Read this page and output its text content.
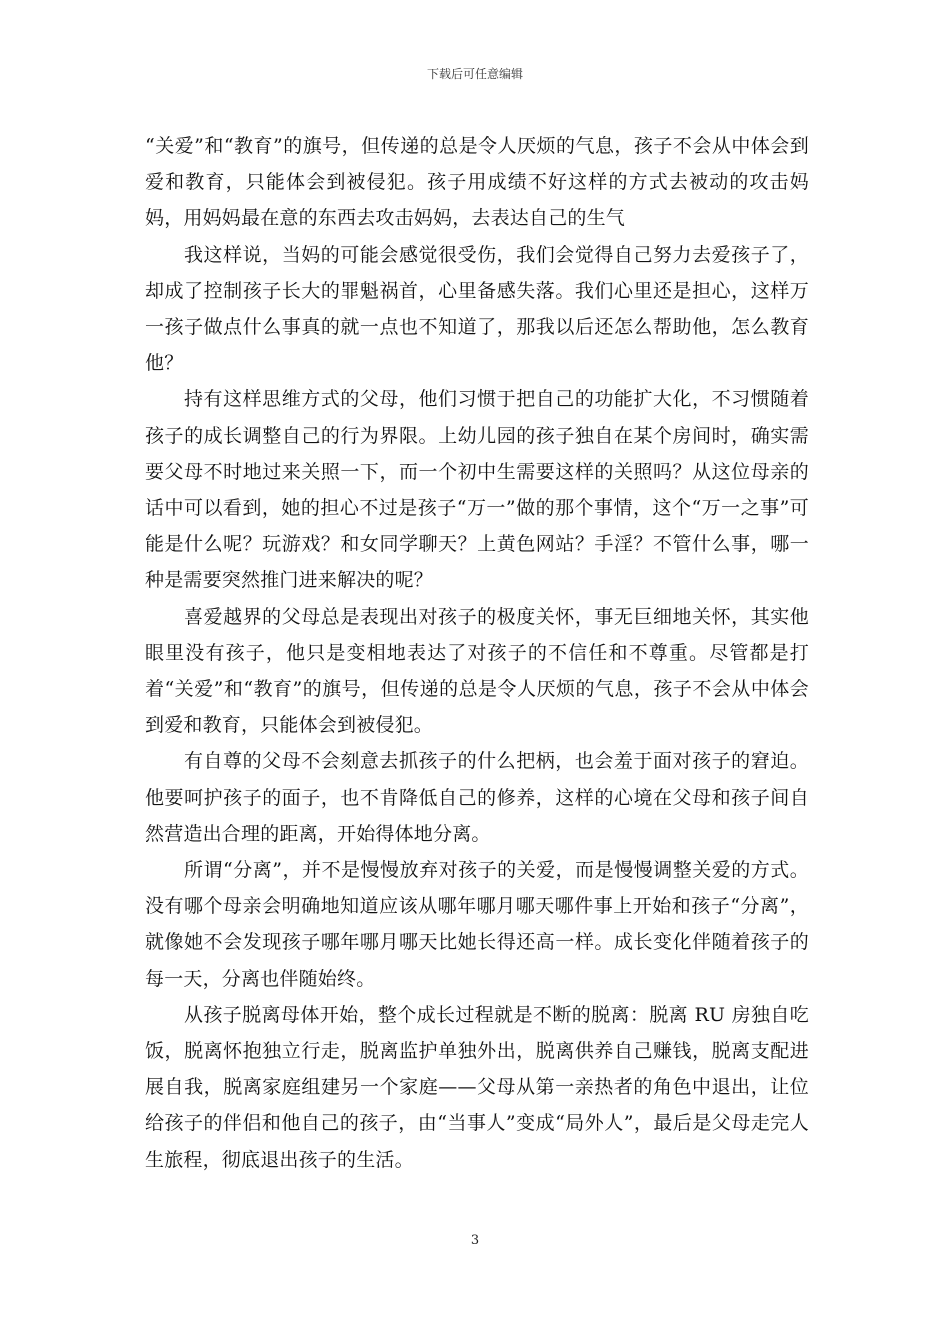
下载后可任意编辑

“关爱”和“教育”的旗号，但传递的总是令人厌烦的气息，孩子不会从中体会到爱和教育，只能体会到被侵犯。孩子用成绩不好这样的方式去被动的攻击妈妈，用妈妈最在意的东西去攻击妈妈，去表达自己的生气

我这样说，当妈的可能会感觉很受伤，我们会觉得自己努力去爱孩子了，却成了控制孩子长大的罪魁祸首，心里备感失落。我们心里还是担心，这样万一孩子做点什么事真的就一点也不知道了，那我以后还怎么帮助他，怎么教育他？

持有这样思维方式的父母，他们习惯于把自己的功能扩大化，不习惯随着孩子的成长调整自己的行为界限。上幼儿园的孩子独自在某个房间时，确实需要父母不时地过来关照一下，而一个初中生需要这样的关照吗？从这位母亲的话中可以看到，她的担心不过是孩子“万一”做的那个事情，这个“万一之事”可能是什么呢？玩游戏？和女同学聊天？上黄色网站？手淫？不管什么事，哪一种是需要突然推门进来解决的呢？

喜爱越界的父母总是表现出对孩子的极度关怀，事无巨细地关怀，其实他眼里没有孩子，他只是变相地表达了对孩子的不信任和不尊重。尽管都是打着“关爱”和“教育”的旗号，但传递的总是令人厌烦的气息，孩子不会从中体会到爱和教育，只能体会到被侵犯。

有自尊的父母不会刻意去抓孩子的什么把柄，也会羞于面对孩子的窘迫。他要呵护孩子的面子，也不肯降低自己的修养，这样的心境在父母和孩子间自然营造出合理的距离，开始得体地分离。

所谓“分离”，并不是慢慢放弃对孩子的关爱，而是慢慢调整关爱的方式。没有哪个母亲会明确地知道应该从哪年哪月哪天哪件事上开始和孩子“分离”，就像她不会发现孩子哪年哪月哪天比她长得还高一样。成长变化伴随着孩子的每一天，分离也伴随始终。

从孩子脱离母体开始，整个成长过程就是不断的脱离：脱离 RU 房独自吃饭，脱离怀抱独立行走，脱离监护单独外出，脱离供养自己赚钱，脱离支配进展自我，脱离家庭组建另一个家庭——父母从第一亲热者的角色中退出，让位给孩子的伴侣和他自己的孩子，由“当事人”变成“局外人”，最后是父母走完人生旅程，彻底退出孩子的生活。

3
